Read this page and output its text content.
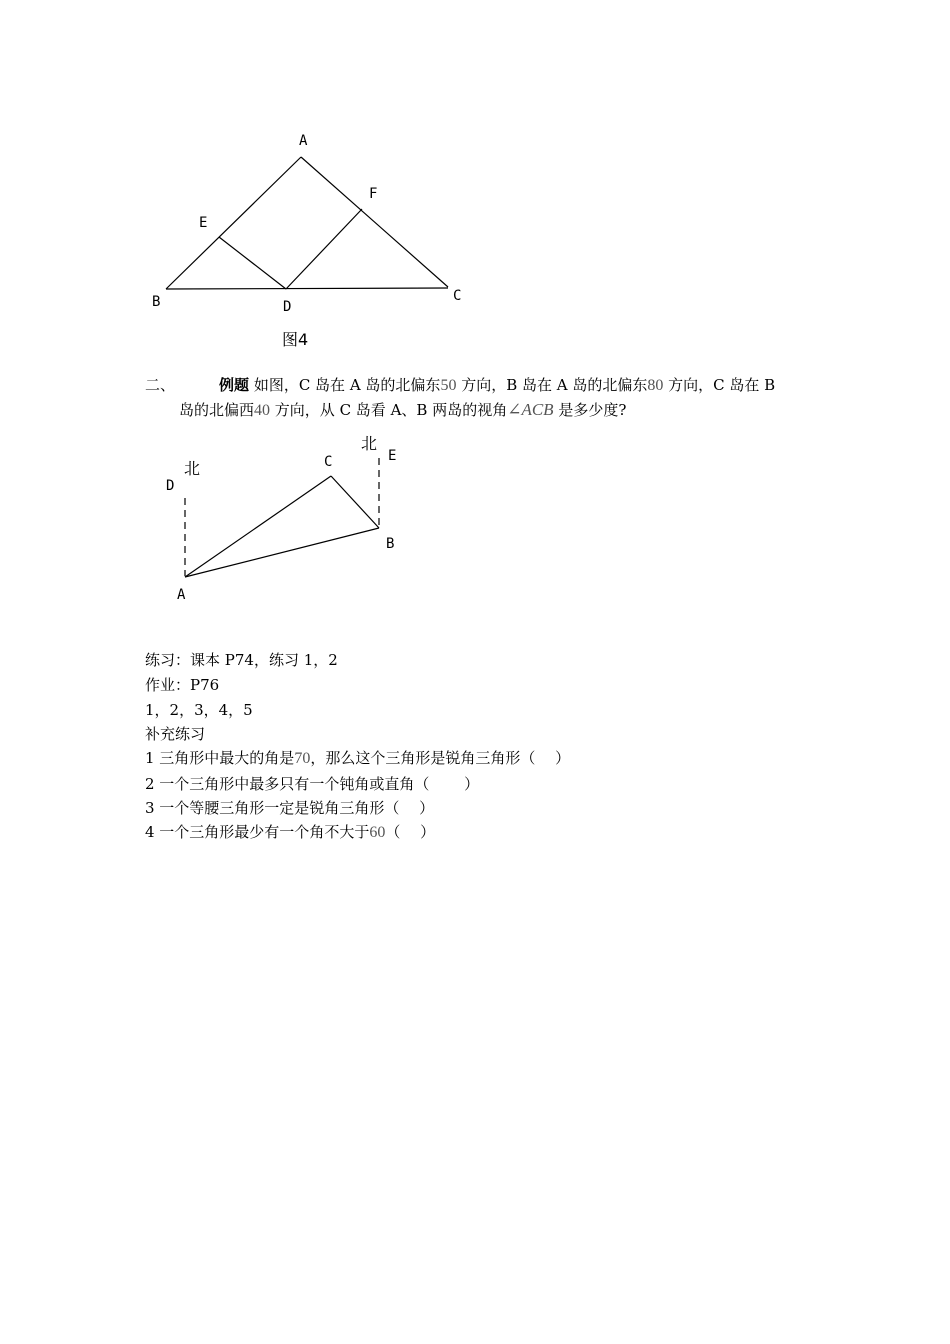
A
E
F
B	D
C
图4
二、	例题 如图，C 岛在 A 岛的北偏东50 方向，B 岛在 A 岛的北偏东80 方向，C 岛在 B
岛的北偏西40 方向，从 C 岛看 A、B 两岛的视角∠ACB 是多少度?
北
北
D
E
C
B
A
练习：课本 P74，练习 1，2
作业：P76
1，2，3，4，5
补充练习
1 三角形中最大的角是70，那么这个三角形是锐角三角形（　 ）
2 一个三角形中最多只有一个钝角或直角（　　 ）
3 一个等腰三角形一定是锐角三角形（　 ）
4 一个三角形最少有一个角不大于60（　 ）
